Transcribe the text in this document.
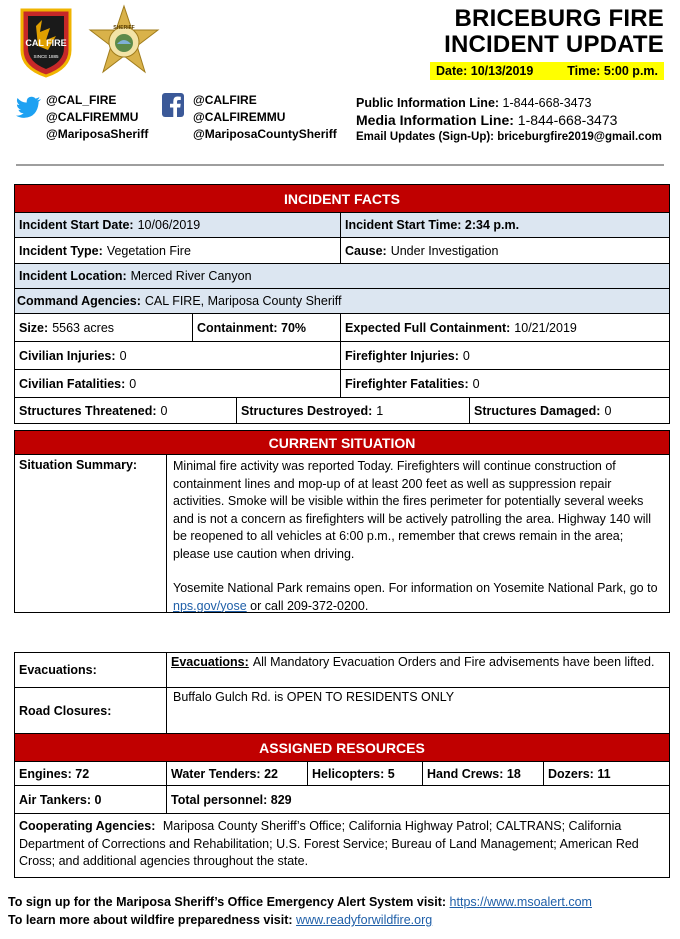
CAL FIRE
SINCE 1885
SHERIFF	BRICEBURG FIRE
INCIDENT UPDATE
Date: 10/13/2019	Time: 5:00 p.m.
@CAL_FIRE
@CALFIREMMU
@MariposaSheriff
@CALFIRE
@CALFIREMMU
@MariposaCountySheriff
Public Information Line: 1-844-668-3473
Media Information Line: 1-844-668-3473
Email Updates (Sign-Up): briceburgfire2019@gmail.com
INCIDENT FACTS
Incident Start Date: 10/06/2019	Incident Start Time: 2:34 p.m.
Incident Type: Vegetation Fire	Cause: Under Investigation
Incident Location: Merced River Canyon
Command Agencies: CAL FIRE, Mariposa County Sheriff
Size: 5563 acres	Containment: 70%	Expected Full Containment: 10/21/2019
Civilian Injuries: 0	Firefighter Injuries: 0
Civilian Fatalities: 0	Firefighter Fatalities: 0
Structures Threatened: 0	Structures Destroyed: 1	Structures Damaged: 0
CURRENT SITUATION
Situation Summary:	Minimal fire activity was reported Today. Firefighters will continue construction of containment lines and mop-up of at least 200 feet as well as suppression repair activities. Smoke will be visible within the fires perimeter for potentially several weeks and is not a concern as firefighters will be actively patrolling the area. Highway 140 will be reopened to all vehicles at 6:00 p.m., remember that crews remain in the area; please use caution when driving.

Yosemite National Park remains open. For information on Yosemite National Park, go to nps.gov/yose or call 209-372-0200.

Evacuations:
Evacuations: All Mandatory Evacuation Orders and Fire advisements have been lifted.
Road Closures:
Buffalo Gulch Rd. is OPEN TO RESIDENTS ONLY
ASSIGNED RESOURCES
Engines: 72	Water Tenders: 22	Helicopters: 5	Hand Crews: 18 Dozers: 11
Air Tankers: 0	Total personnel: 829
Cooperating Agencies: Mariposa County Sheriff’s Office; California Highway Patrol; CALTRANS; California Department of Corrections and Rehabilitation; U.S. Forest Service; Bureau of Land Management; American Red Cross; and additional agencies throughout the state.
To sign up for the Mariposa Sheriff’s Office Emergency Alert System visit: https://www.msoalert.com
To learn more about wildfire preparedness visit: www.readyforwildfire.org
